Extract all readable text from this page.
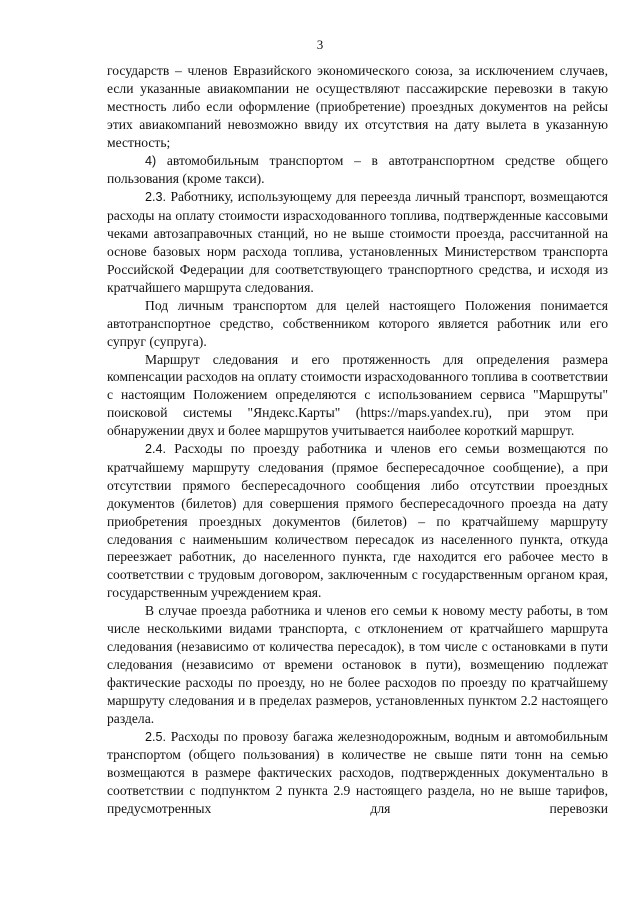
3

государств – членов Евразийского экономического союза, за исключением случаев, если указанные авиакомпании не осуществляют пассажирские перевозки в такую местность либо если оформление (приобретение) проездных документов на рейсы этих авиакомпаний невозможно ввиду их отсутствия на дату вылета в указанную местность;

4) автомобильным транспортом – в автотранспортном средстве общего пользования (кроме такси).

2.3. Работнику, использующему для переезда личный транспорт, возмещаются расходы на оплату стоимости израсходованного топлива, подтвержденные кассовыми чеками автозаправочных станций, но не выше стоимости проезда, рассчитанной на основе базовых норм расхода топлива, установленных Министерством транспорта Российской Федерации для соответствующего транспортного средства, и исходя из кратчайшего маршрута следования.

Под личным транспортом для целей настоящего Положения понимается автотранспортное средство, собственником которого является работник или его супруг (супруга).

Маршрут следования и его протяженность для определения размера компенсации расходов на оплату стоимости израсходованного топлива в соответствии с настоящим Положением определяются с использованием сервиса "Маршруты" поисковой системы "Яндекс.Карты" (https://maps.yandex.ru), при этом при обнаружении двух и более маршрутов учитывается наиболее короткий маршрут.

2.4. Расходы по проезду работника и членов его семьи возмещаются по кратчайшему маршруту следования (прямое беспересадочное сообщение), а при отсутствии прямого беспересадочного сообщения либо отсутствии проездных документов (билетов) для совершения прямого беспересадочного проезда на дату приобретения проездных документов (билетов) – по кратчайшему маршруту следования с наименьшим количеством пересадок из населенного пункта, откуда переезжает работник, до населенного пункта, где находится его рабочее место в соответствии с трудовым договором, заключенным с государственным органом края, государственным учреждением края.

В случае проезда работника и членов его семьи к новому месту работы, в том числе несколькими видами транспорта, с отклонением от кратчайшего маршрута следования (независимо от количества пересадок), в том числе с остановками в пути следования (независимо от времени остановок в пути), возмещению подлежат фактические расходы по проезду, но не более расходов по проезду по кратчайшему маршруту следования и в пределах размеров, установленных пунктом 2.2 настоящего раздела.

2.5. Расходы по провозу багажа железнодорожным, водным и автомобильным транспортом (общего пользования) в количестве не свыше пяти тонн на семью возмещаются в размере фактических расходов, подтвержденных документально в соответствии с подпунктом 2 пункта 2.9 настоящего раздела, но не выше тарифов, предусмотренных для перевозки
